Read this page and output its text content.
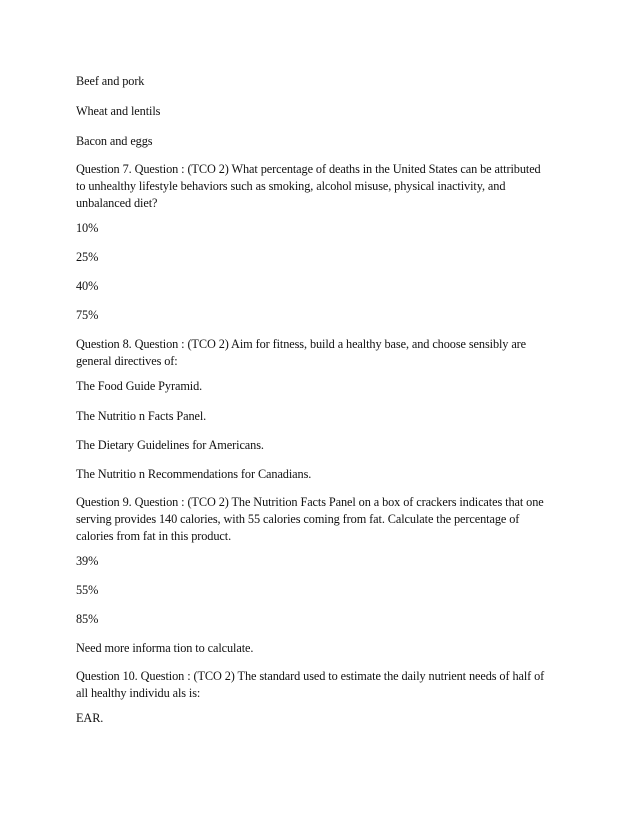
Beef and pork
Wheat and lentils
Bacon and eggs
Question 7. Question : (TCO 2) What percentage of deaths in the United States can be attributed
to unhealthy lifestyle behaviors such as smoking, alcohol misuse, physical inactivity, and
unbalanced diet?
10%
25%
40%
75%
Question 8. Question : (TCO 2) Aim for fitness, build a healthy base, and choose sensibly are
general directives of:
The Food Guide Pyramid.
The Nutritio n Facts Panel.
The Dietary Guidelines for Americans.
The Nutritio n Recommendations for Canadians.
Question 9. Question : (TCO 2) The Nutrition Facts Panel on a box of crackers indicates that one
serving provides 140 calories, with 55 calories coming from fat. Calculate the percentage of
calories from fat in this product.
39%
55%
85%
Need more informa tion to calculate.
Question 10. Question : (TCO 2) The standard used to estimate the daily nutrient needs of half of
all healthy individu als is:
EAR.
